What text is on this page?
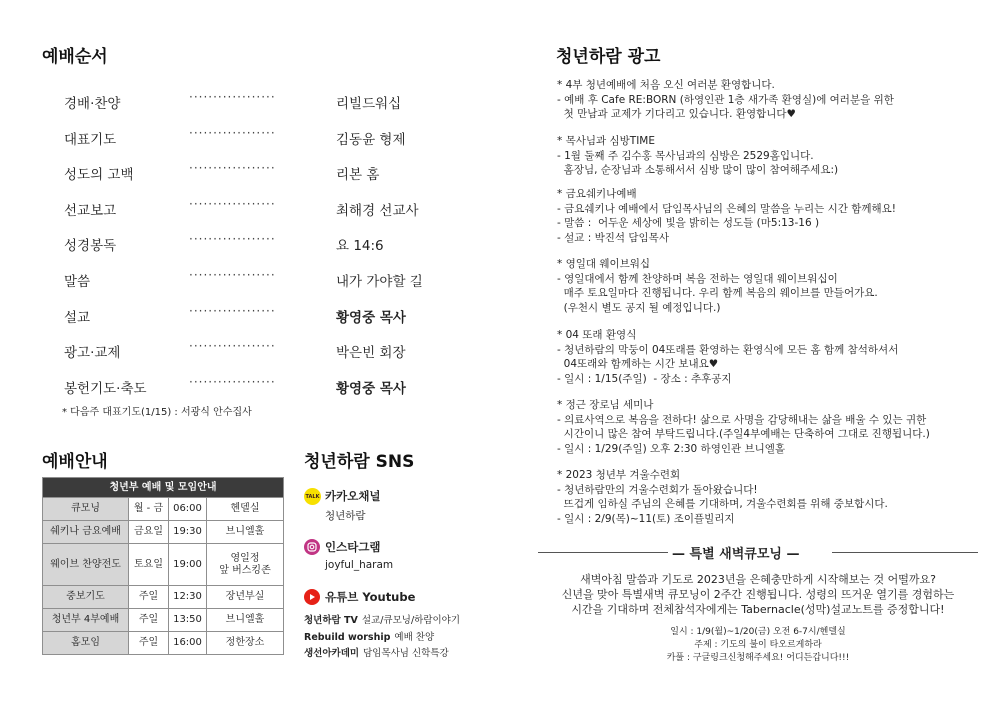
예배순서
경배·찬양	··················	리빌드워십
대표기도	··················	김동윤 형제
성도의 고백	··················	리본 홈
선교보고	··················	최해경 선교사
성경봉독	··················	요 14:6
말씀	··················	내가 가야할 길
설교	··················	황영중 목사
광고·교제	··················	박은빈 회장
봉헌기도·축도	··················	황영중 목사
* 다음주 대표기도(1/15) : 서광식 안수집사
예배안내
청년부 예배 및 모임안내			
큐모닝	월 - 금	06:00	헨델실
쉐키나 금요예배	금요일	19:30	브니엘홀
웨이브 찬양전도	토요일	19:00	영일정
앞 버스킹존

중보기도	주일	12:30	장년부실
청년부 4부예배	주일	13:50	브니엘홀
홈모임	주일	16:00	정한장소
청년하람 SNS
TALK 카카오채널
청년하람
인스타그램
joyful_haram
유튜브 Youtube
청년하람 TV 설교/큐모닝/하람이야기
Rebuild worship 예배 찬양
생선아카데미 담임목사님 신학특강
청년하람 광고
* 4부 청년예배에 처음 오신 여러분 환영합니다.
- 예배 후 Cafe RE:BORN (하영인관 1층 새가족 환영실)에 여러분을 위한
첫 만남과 교제가 기다리고 있습니다. 환영합니다♥
* 목사님과 심방TIME
- 1월 둘째 주 김수홍 목사님과의 심방은 2529홈입니다.
홈장님, 순장님과 소통해서서 심방 많이 많이 참여해주세요:)
* 금요쉐키나예배
- 금요쉐키나 예배에서 담임목사님의 은혜의 말씀을 누리는 시간 함께해요!
- 말씀 :  어두운 세상에 빛을 밝히는 성도들 (마5:13-16 )
- 설교 : 박진석 담임목사
* 영일대 웨이브워십
- 영일대에서 함께 찬양하며 복음 전하는 영일대 웨이브워십이
매주 토요일마다 진행됩니다. 우리 함께 복음의 웨이브를 만들어가요.
(우천시 별도 공지 될 예정입니다.)
* 04 또래 환영식
- 청년하람의 막둥이 04또래를 환영하는 환영식에 모든 홈 함께 참석하셔서
04또래와 함께하는 시간 보내요♥
- 일시 : 1/15(주일)  - 장소 : 추후공지
* 정근 장로님 세미나
- 의료사역으로 복음을 전하다! 삶으로 사명을 감당해내는 삶을 배울 수 있는 귀한
시간이니 많은 참여 부탁드립니다.(주일4부예배는 단축하여 그대로 진행됩니다.)
- 일시 : 1/29(주일) 오후 2:30 하영인관 브니엘홀
* 2023 청년부 겨울수련회
- 청년하람만의 겨울수련회가 돌아왔습니다!
뜨겁게 임하실 주님의 은혜를 기대하며, 겨울수련회를 위해 중보합시다.
- 일시 : 2/9(목)~11(토) 조이플빌리지
— 특별 새벽큐모닝 —
새벽아침 말씀과 기도로 2023년을 은혜충만하게 시작해보는 것 어떨까요?
신년을 맞아 특별새벽 큐모닝이 2주간 진행됩니다. 성령의 뜨거운 열기를 경험하는
시간을 기대하며 전체참석자에게는 Tabernacle(성막)설교노트를 증정합니다!
일시 : 1/9(월)~1/20(금) 오전 6-7시/헨델실
주제 : 기도의 불이 타오르게하라
카풀 : 구글링크신청해주세요! 어디든갑니다!!!
